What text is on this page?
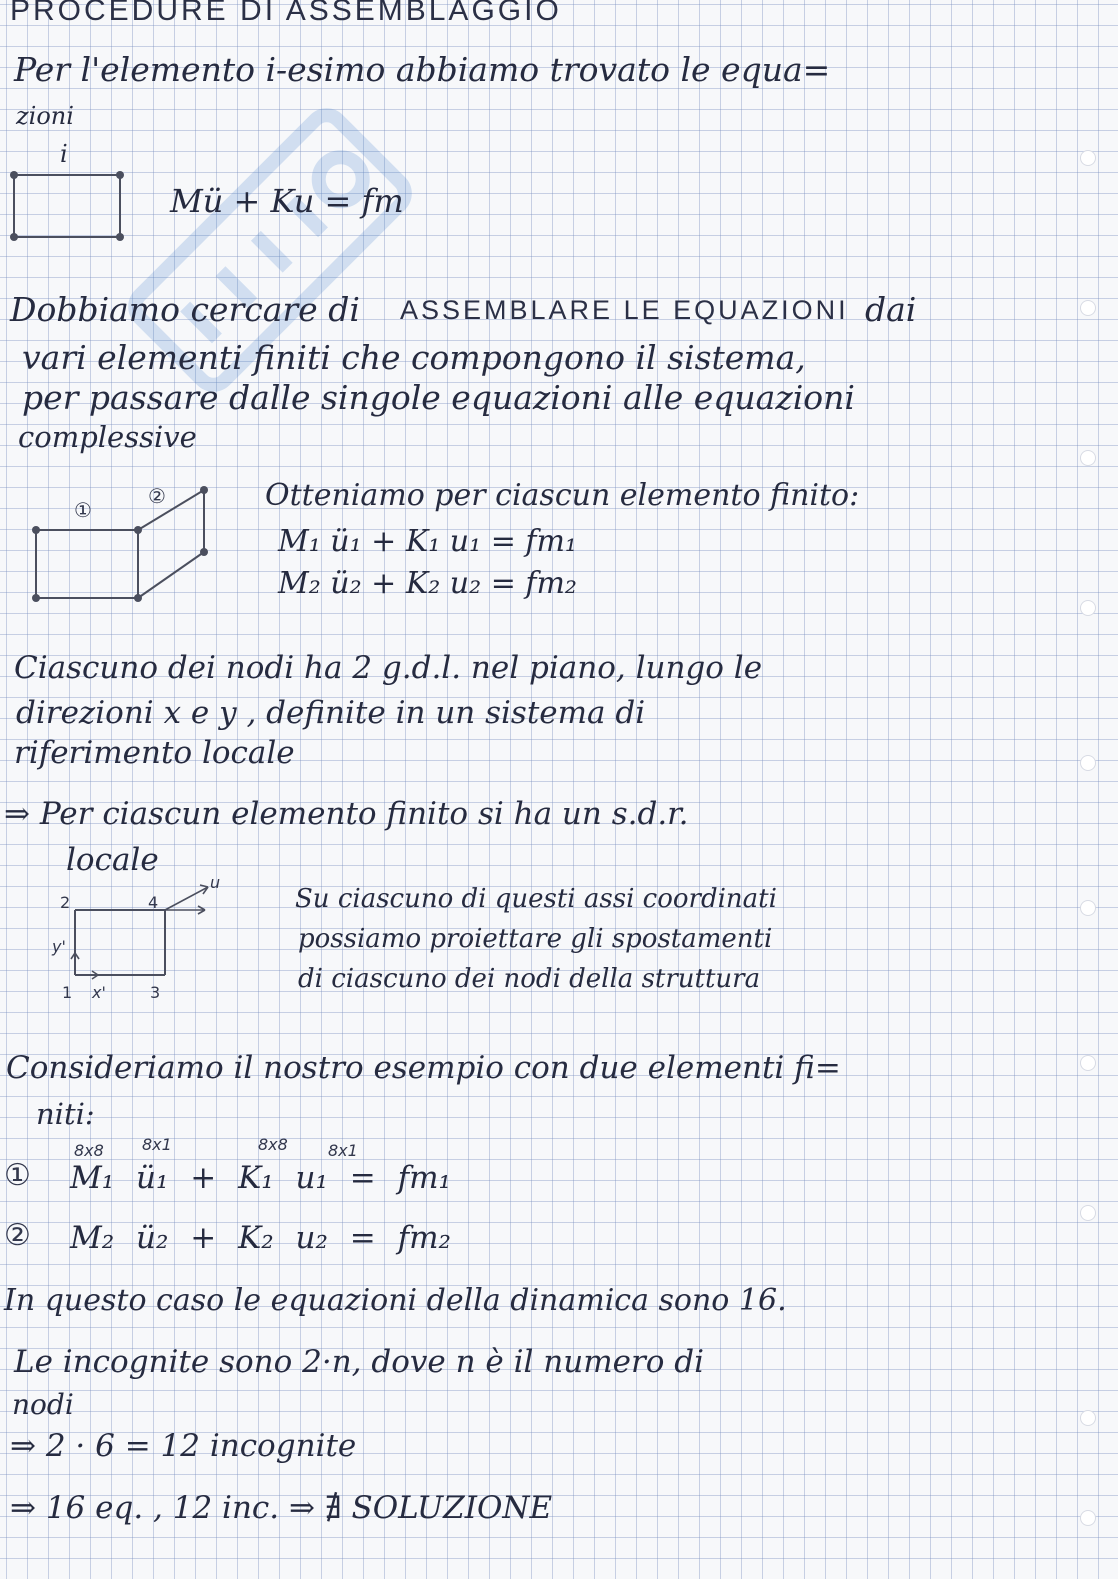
PROCEDURE DI ASSEMBLAGGIO
Per l'elemento i-esimo abbiamo trovato le equa=
zioni
i
Mü + Ku = fm
Dobbiamo cercare di ASSEMBLARE LE EQUAZIONI dai
vari elementi finiti che compongono il sistema,
per passare dalle singole equazioni alle equazioni
complessive
①
②	Otteniamo per ciascun elemento finito:
M₁ ü₁ + K₁ u₁ = fm₁
M₂ ü₂ + K₂ u₂ = fm₂
Ciascuno dei nodi ha 2 g.d.l. nel piano, lungo le
direzioni x e y , definite in un sistema di
riferimento locale
⇒ Per ciascun elemento finito si ha un s.d.r.
locale
2	4
u
y'
1 x'	3
Su ciascuno di questi assi coordinati
possiamo proiettare gli spostamenti
di ciascuno dei nodi della struttura
Consideriamo il nostro esempio con due elementi fi=
niti:
8x8 8x1	8x8	8x1
① M₁ ü₁ + K₁ u₁ = fm₁
② M₂ ü₂ + K₂ u₂ = fm₂
In questo caso le equazioni della dinamica sono 16.
Le incognite sono 2·n, dove n è il numero di
nodi
⇒ 2 · 6 = 12 incognite
⇒ 16 eq. , 12 inc. ⇒ ∄ SOLUZIONE
